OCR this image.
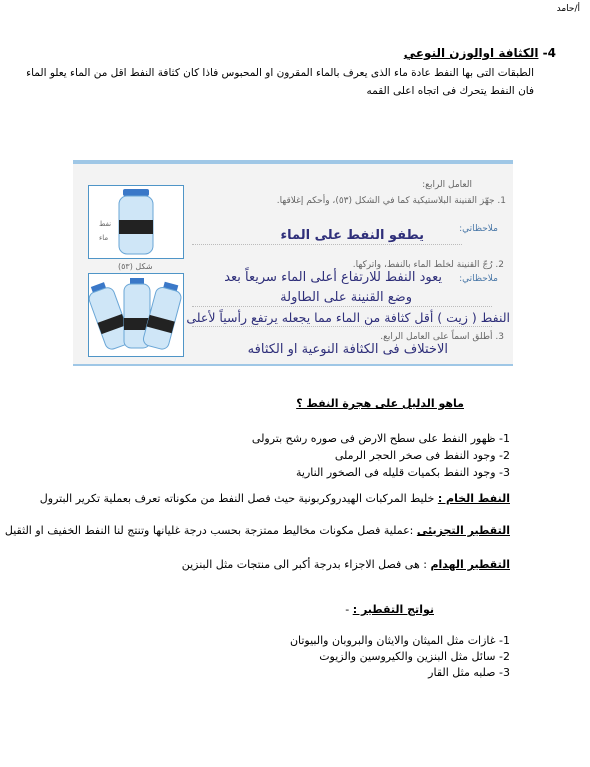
أ/حامد
4- الكثافة اوالوزن النوعي
الطبقات التى بها النفط عادة ماء الذى يعرف بالماء المقرون او المحبوس فاذا كان كثافة النفط اقل من الماء يعلو الماء فان النفط يتحرك فى اتجاه اعلى القمه
نفط
ماء
شكل (٥٣)
العامل الرابع:
1. جهّز القنينة البلاستيكية كما في الشكل (٥٣)، وأحكم إغلاقها.
ملاحظاتي:
يطفو النفط على الماء
2. رُجّ القنينة لخلط الماء بالنفط، واتركها.
ملاحظاتي:
يعود النفط للارتفاع أعلى الماء سريعاً بعد
وضع القنينة على الطاولة
النفط ( زيت ) أقل كثافة من الماء مما يجعله يرتفع رأسياً لأعلى
3. أطلق اسماً على العامل الرابع.
الاختلاف فى الكثافة النوعية او الكثافه
ماهو الدليل على هجرة النفط ؟
1- ظهور النفط على سطح الارض فى صوره رشح بترولى
2- وجود النفط فى صخر الحجر الرملى
3- وجود النفط بكميات قليله فى الصخور النارية
النفط الخام : خليط المركبات الهيدروكربونية حيث فصل النفط من مكوناته تعرف بعملية تكرير البترول
التقطير التجزيئى :عملية فصل مكونات مخاليط ممتزجة بحسب درجة غليانها وتنتج لنا النفط الخفيف او الثقيل
التقطير الهدام : هى فصل الاجزاء بدرجة أكبر الى منتجات مثل البنزين
نواتج التقطير : -
1- غازات مثل الميثان والايثان والبروبان والبيوتان
2- سائل مثل البنزين والكيروسين والزيوت
3- صلبه مثل القار
